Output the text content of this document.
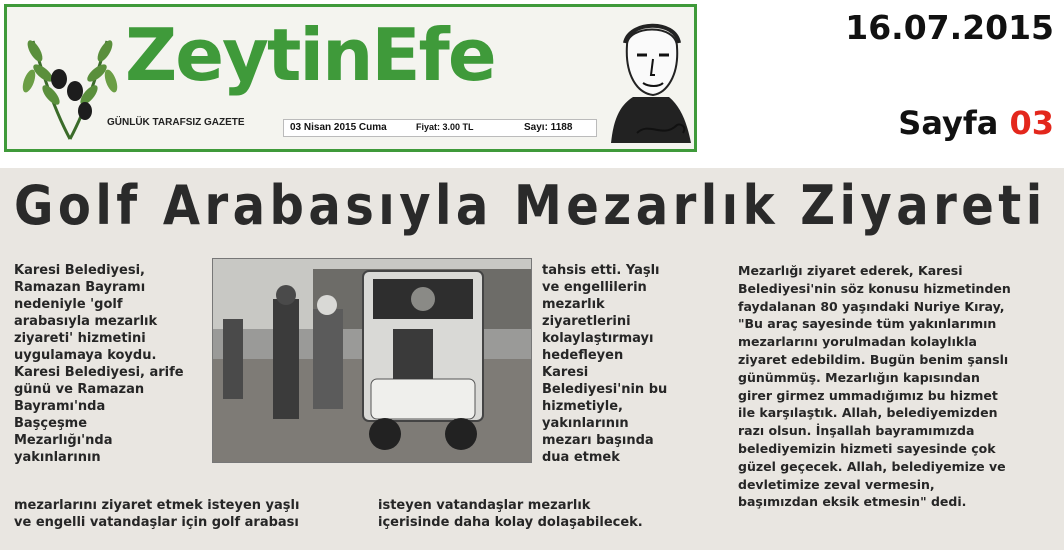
ZeytinEfe
GÜNLÜK TARAFSIZ GAZETE	03 Nisan 2015 Cuma	Fiyat: 3.00 TL	Sayı: 1188
16.07.2015
Sayfa 03
Golf Arabasıyla Mezarlık Ziyareti
Karesi Belediyesi,
Ramazan Bayramı
nedeniyle 'golf
arabasıyla mezarlık
ziyareti' hizmetini
uygulamaya koydu.
Karesi Belediyesi, arife
günü ve Ramazan
Bayramı'nda
Başçeşme
Mezarlığı'nda
yakınlarının
mezarlarını ziyaret etmek isteyen yaşlı
ve engelli vatandaşlar için golf arabası
tahsis etti. Yaşlı
ve engellilerin
mezarlık
ziyaretlerini
kolaylaştırmayı
hedefleyen
Karesi
Belediyesi'nin bu
hizmetiyle,
yakınlarının
mezarı başında
dua etmek
isteyen vatandaşlar mezarlık
içerisinde daha kolay dolaşabilecek.
Mezarlığı ziyaret ederek, Karesi
Belediyesi'nin söz konusu hizmetinden
faydalanan 80 yaşındaki Nuriye Kıray,
"Bu araç sayesinde tüm yakınlarımın
mezarlarını yorulmadan kolaylıkla
ziyaret edebildim. Bugün benim şanslı
günümmüş. Mezarlığın kapısından
girer girmez ummadığımız bu hizmet
ile karşılaştık. Allah, belediyemizden
razı olsun. İnşallah bayramımızda
belediyemizin hizmeti sayesinde çok
güzel geçecek. Allah, belediyemize ve
devletimize zeval vermesin,
başımızdan eksik etmesin" dedi.
